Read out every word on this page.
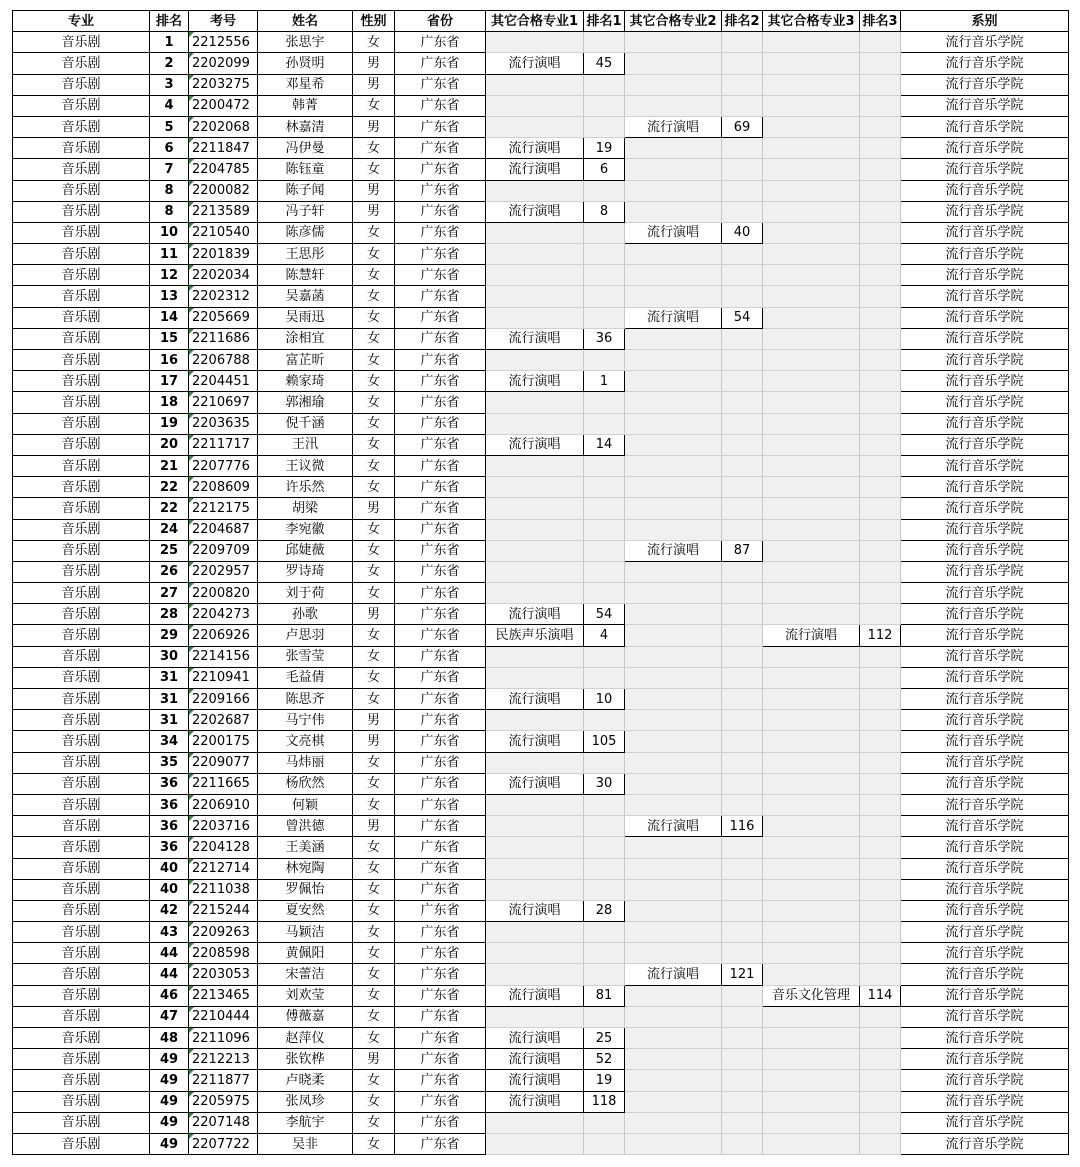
专业	排名	考号	姓名	性别	省份	其它合格专业1	排名1	其它合格专业2	排名2	其它合格专业3	排名3	系别
音乐剧	1	2212556	张思宇	女	广东省							流行音乐学院
音乐剧	2	2202099	孙贤明	男	广东省	流行演唱	45					流行音乐学院
音乐剧	3	2203275	邓星希	男	广东省							流行音乐学院
音乐剧	4	2200472	韩菁	女	广东省							流行音乐学院
音乐剧	5	2202068	林嘉清	男	广东省			流行演唱	69			流行音乐学院
音乐剧	6	2211847	冯伊曼	女	广东省	流行演唱	19					流行音乐学院
音乐剧	7	2204785	陈钰童	女	广东省	流行演唱	6					流行音乐学院
音乐剧	8	2200082	陈子闻	男	广东省							流行音乐学院
音乐剧	8	2213589	冯子轩	男	广东省	流行演唱	8					流行音乐学院
音乐剧	10	2210540	陈彦儒	女	广东省			流行演唱	40			流行音乐学院
音乐剧	11	2201839	王思彤	女	广东省							流行音乐学院
音乐剧	12	2202034	陈慧轩	女	广东省							流行音乐学院
音乐剧	13	2202312	吴嘉菡	女	广东省							流行音乐学院
音乐剧	14	2205669	吴雨迅	女	广东省			流行演唱	54			流行音乐学院
音乐剧	15	2211686	涂相宜	女	广东省	流行演唱	36					流行音乐学院
音乐剧	16	2206788	富芷昕	女	广东省							流行音乐学院
音乐剧	17	2204451	赖家琦	女	广东省	流行演唱	1					流行音乐学院
音乐剧	18	2210697	郭湘瑜	女	广东省							流行音乐学院
音乐剧	19	2203635	倪千涵	女	广东省							流行音乐学院
音乐剧	20	2211717	王汛	女	广东省	流行演唱	14					流行音乐学院
音乐剧	21	2207776	王议微	女	广东省							流行音乐学院
音乐剧	22	2208609	许乐然	女	广东省							流行音乐学院
音乐剧	22	2212175	胡梁	男	广东省							流行音乐学院
音乐剧	24	2204687	李宛徽	女	广东省							流行音乐学院
音乐剧	25	2209709	邱婕薇	女	广东省			流行演唱	87			流行音乐学院
音乐剧	26	2202957	罗诗琦	女	广东省							流行音乐学院
音乐剧	27	2200820	刘于荷	女	广东省							流行音乐学院
音乐剧	28	2204273	孙歌	男	广东省	流行演唱	54					流行音乐学院
音乐剧	29	2206926	卢思羽	女	广东省	民族声乐演唱	4			流行演唱	112	流行音乐学院
音乐剧	30	2214156	张雪莹	女	广东省							流行音乐学院
音乐剧	31	2210941	毛益倩	女	广东省							流行音乐学院
音乐剧	31	2209166	陈思齐	女	广东省	流行演唱	10					流行音乐学院
音乐剧	31	2202687	马宁伟	男	广东省							流行音乐学院
音乐剧	34	2200175	文亮棋	男	广东省	流行演唱	105					流行音乐学院
音乐剧	35	2209077	马炜丽	女	广东省							流行音乐学院
音乐剧	36	2211665	杨欣然	女	广东省	流行演唱	30					流行音乐学院
音乐剧	36	2206910	何颖	女	广东省							流行音乐学院
音乐剧	36	2203716	曾洪德	男	广东省			流行演唱	116			流行音乐学院
音乐剧	36	2204128	王美涵	女	广东省							流行音乐学院
音乐剧	40	2212714	林宛陶	女	广东省							流行音乐学院
音乐剧	40	2211038	罗佩怡	女	广东省							流行音乐学院
音乐剧	42	2215244	夏安然	女	广东省	流行演唱	28					流行音乐学院
音乐剧	43	2209263	马颖洁	女	广东省							流行音乐学院
音乐剧	44	2208598	黄佩阳	女	广东省							流行音乐学院
音乐剧	44	2203053	宋蕾洁	女	广东省			流行演唱	121			流行音乐学院
音乐剧	46	2213465	刘欢莹	女	广东省	流行演唱	81			音乐文化管理	114	流行音乐学院
音乐剧	47	2210444	傅薇嘉	女	广东省							流行音乐学院
音乐剧	48	2211096	赵萍仪	女	广东省	流行演唱	25					流行音乐学院
音乐剧	49	2212213	张钦桦	男	广东省	流行演唱	52					流行音乐学院
音乐剧	49	2211877	卢晓柔	女	广东省	流行演唱	19					流行音乐学院
音乐剧	49	2205975	张凤珍	女	广东省	流行演唱	118					流行音乐学院
音乐剧	49	2207148	李航宇	女	广东省							流行音乐学院
音乐剧	49	2207722	吴非	女	广东省							流行音乐学院
